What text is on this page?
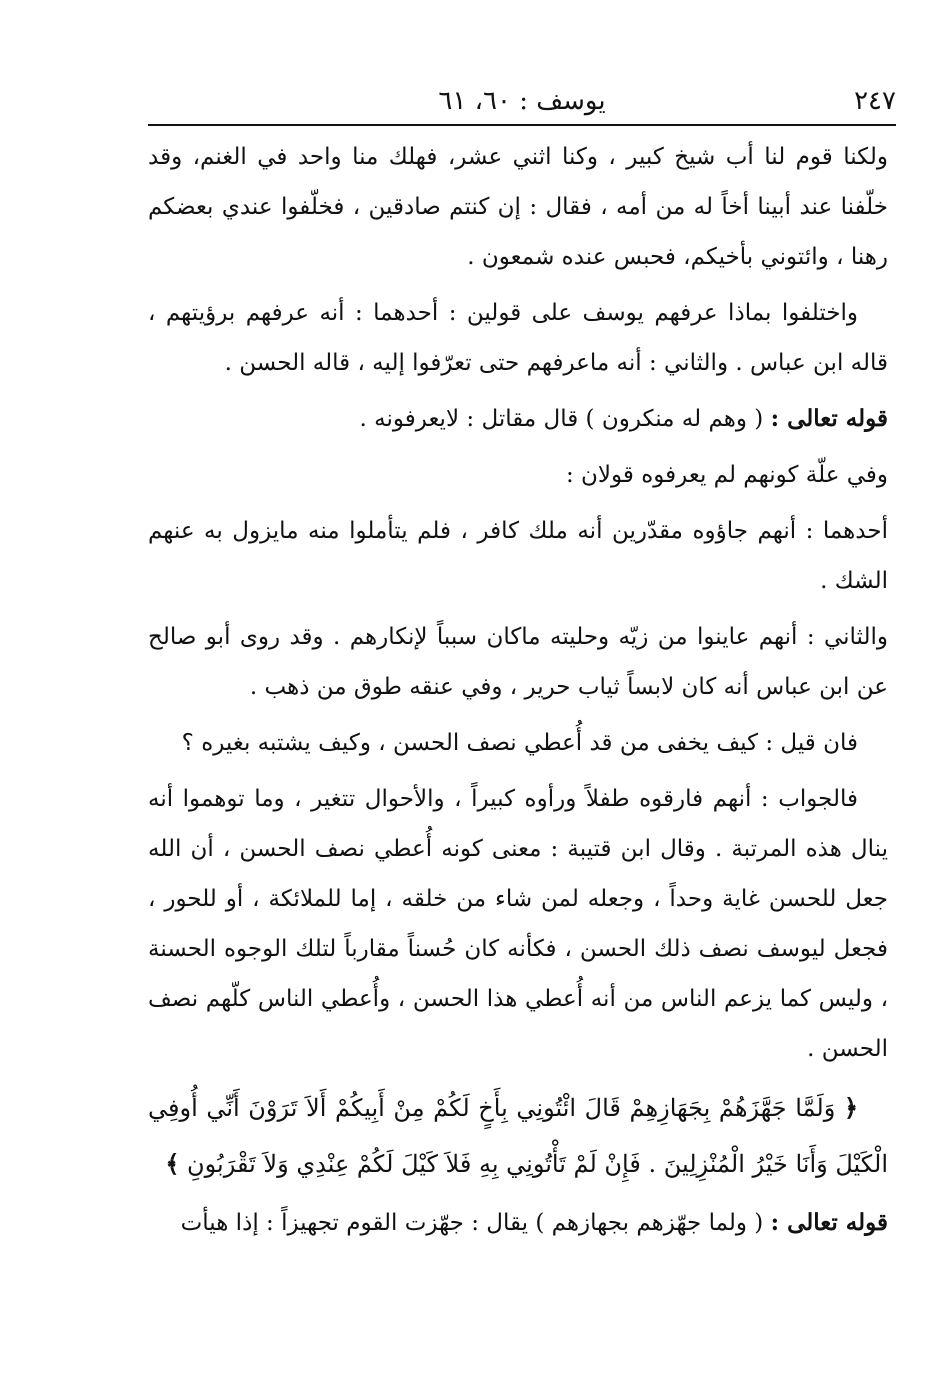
يوسف : ٦٠، ٦١	٢٤٧

ولكنا قوم لنا أب شيخ كبير ، وكنا اثني عشر، فهلك منا واحد في الغنم، وقد خلّفنا عند أبينا أخاً له من أمه ، فقال : إن كنتم صادقين ، فخلّفوا عندي بعضكم رهنا ، وائتوني بأخيكم، فحبس عنده شمعون .

واختلفوا بماذا عرفهم يوسف على قولين : أحدهما : أنه عرفهم برؤيتهم ، قاله ابن عباس . والثاني : أنه ماعرفهم حتى تعرّفوا إليه ، قاله الحسن .

قوله تعالى : ( وهم له منكرون ) قال مقاتل : لايعرفونه .

وفي علّة كونهم لم يعرفوه قولان :

أحدهما : أنهم جاؤوه مقدّرين أنه ملك كافر ، فلم يتأملوا منه مايزول به عنهم الشك .

والثاني : أنهم عاينوا من زيّه وحليته ماكان سبباً لإنكارهم . وقد روى أبو صالح عن ابن عباس أنه كان لابساً ثياب حرير ، وفي عنقه طوق من ذهب .

فان قيل : كيف يخفى من قد أُعطي نصف الحسن ، وكيف يشتبه بغيره ؟

فالجواب : أنهم فارقوه طفلاً ورأوه كبيراً ، والأحوال تتغير ، وما توهموا أنه ينال هذه المرتبة . وقال ابن قتيبة : معنى كونه أُعطي نصف الحسن ، أن الله جعل للحسن غاية وحداً ، وجعله لمن شاء من خلقه ، إما للملائكة ، أو للحور ، فجعل ليوسف نصف ذلك الحسن ، فكأنه كان حُسناً مقارباً لتلك الوجوه الحسنة ، وليس كما يزعم الناس من أنه أُعطي هذا الحسن ، وأُعطي الناس كلّهم نصف الحسن .

﴿ وَلَمَّا جَهَّزَهُمْ بِجَهَازِهِمْ قَالَ ائْتُونِي بِأَخٍ لَكُمْ مِنْ أَبِيكُمْ أَلاَ تَرَوْنَ أَنِّي أُوفِي الْكَيْلَ وَأَنَا خَيْرُ الْمُنْزِلِينَ . فَإِنْ لَمْ تَأْتُونِي بِهِ فَلاَ كَيْلَ لَكُمْ عِنْدِي وَلاَ تَقْرَبُونِ ﴾

قوله تعالى : ( ولما جهّزهم بجهازهم ) يقال : جهّزت القوم تجهيزاً : إذا هيأت
